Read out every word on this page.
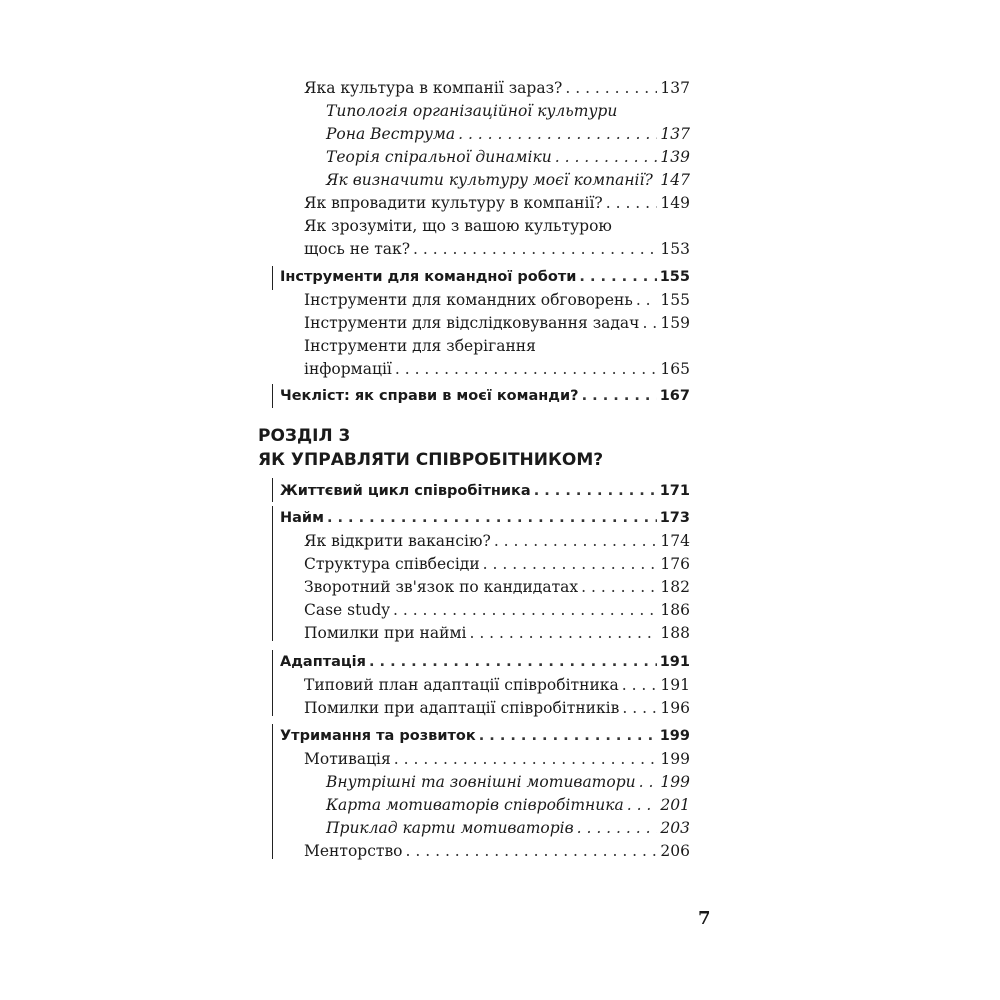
Яка культура в компанії зараз? . . .	137
Типологія організаційної культури
Рона Веструма . . .	137
Теорія спіральної динаміки . . .	139
Як визначити культуру моєї компанії? . . . 147
Як впровадити культуру в компанії? . . .	149
Як зрозуміти, що з вашою культурою
щось не так? . . .	153
Інструменти для командної роботи . . .	155
Інструменти для командних обговорень . . . 155
Інструменти для відслідковування задач . . . 159
Інструменти для зберігання
інформації . . .	165
Чекліст: як справи в моєї команди? . . .	167
РОЗДІЛ 3
ЯК УПРАВЛЯТИ СПІВРОБІТНИКОМ?
Життєвий цикл співробітника . . .	171
Найм . . .	173
Як відкрити вакансію? . . .	174
Структура співбесіди . . .	176
Зворотний зв'язок по кандидатах . . .	182
Case study . . .	186
Помилки при наймі . . .	188
Адаптація . . .	191
Типовий план адаптації співробітника . . .	191
Помилки при адаптації співробітників . . .	196
Утримання та розвиток . . .	199
Мотивація . . .	199
Внутрішні та зовнішні мотиватори . . . 199
Карта мотиваторів співробітника . . . 201
Приклад карти мотиваторів . . .	203
Менторство . . .	206
7
